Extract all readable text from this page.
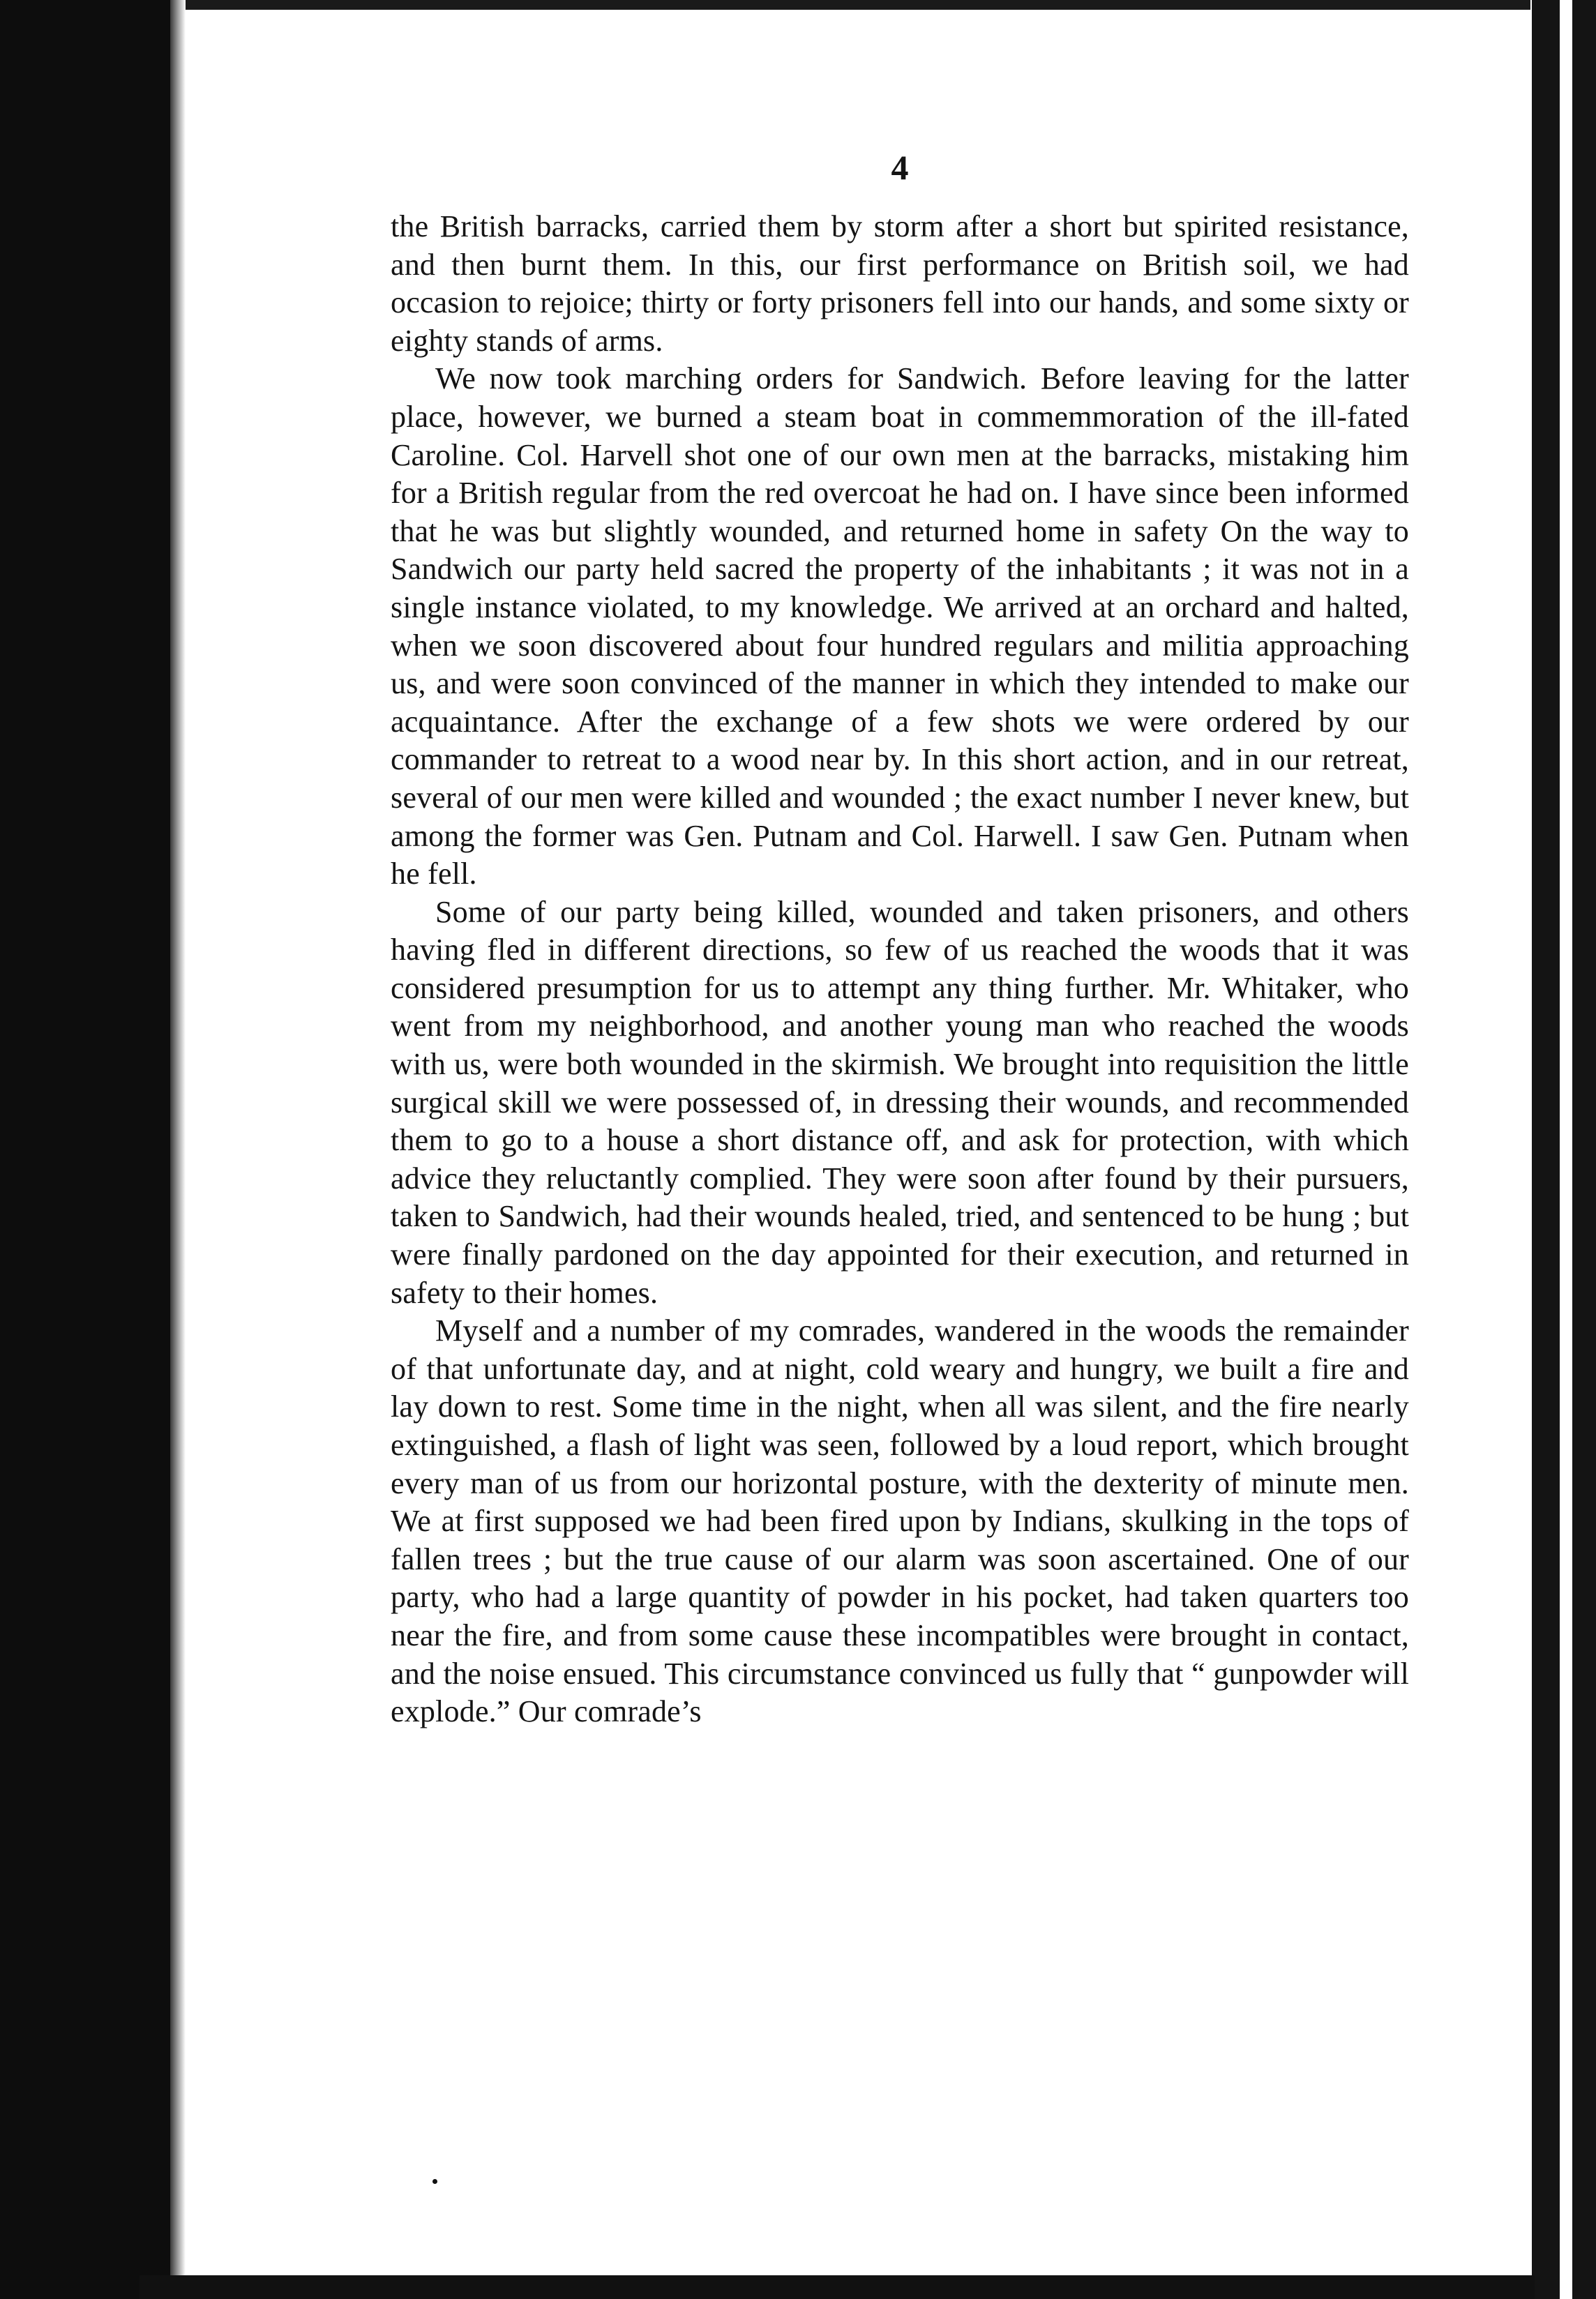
4

the British barracks, carried them by storm after a short but spirited resistance, and then burnt them. In this, our first performance on British soil, we had occasion to rejoice; thirty or forty prisoners fell into our hands, and some sixty or eighty stands of arms.

We now took marching orders for Sandwich. Before leaving for the latter place, however, we burned a steam boat in commemmoration of the ill-fated Caroline. Col. Harvell shot one of our own men at the barracks, mistaking him for a British regular from the red overcoat he had on. I have since been informed that he was but slightly wounded, and returned home in safety On the way to Sandwich our party held sacred the property of the inhabitants ; it was not in a single instance violated, to my knowledge. We arrived at an orchard and halted, when we soon discovered about four hundred regulars and militia approaching us, and were soon convinced of the manner in which they intended to make our acquaintance. After the exchange of a few shots we were ordered by our commander to retreat to a wood near by. In this short action, and in our retreat, several of our men were killed and wounded ; the exact number I never knew, but among the former was Gen. Putnam and Col. Harwell. I saw Gen. Putnam when he fell.

Some of our party being killed, wounded and taken prisoners, and others having fled in different directions, so few of us reached the woods that it was considered presumption for us to attempt any thing further. Mr. Whitaker, who went from my neighborhood, and another young man who reached the woods with us, were both wounded in the skirmish. We brought into requisition the little surgical skill we were possessed of, in dressing their wounds, and recommended them to go to a house a short distance off, and ask for protection, with which advice they reluctantly complied. They were soon after found by their pursuers, taken to Sandwich, had their wounds healed, tried, and sentenced to be hung ; but were finally pardoned on the day appointed for their execution, and returned in safety to their homes.

Myself and a number of my comrades, wandered in the woods the remainder of that unfortunate day, and at night, cold weary and hungry, we built a fire and lay down to rest. Some time in the night, when all was silent, and the fire nearly extinguished, a flash of light was seen, followed by a loud report, which brought every man of us from our horizontal posture, with the dexterity of minute men. We at first supposed we had been fired upon by Indians, skulking in the tops of fallen trees ; but the true cause of our alarm was soon ascertained. One of our party, who had a large quantity of powder in his pocket, had taken quarters too near the fire, and from some cause these incompatibles were brought in contact, and the noise ensued. This circumstance convinced us fully that “ gunpowder will explode.” Our comrade’s
